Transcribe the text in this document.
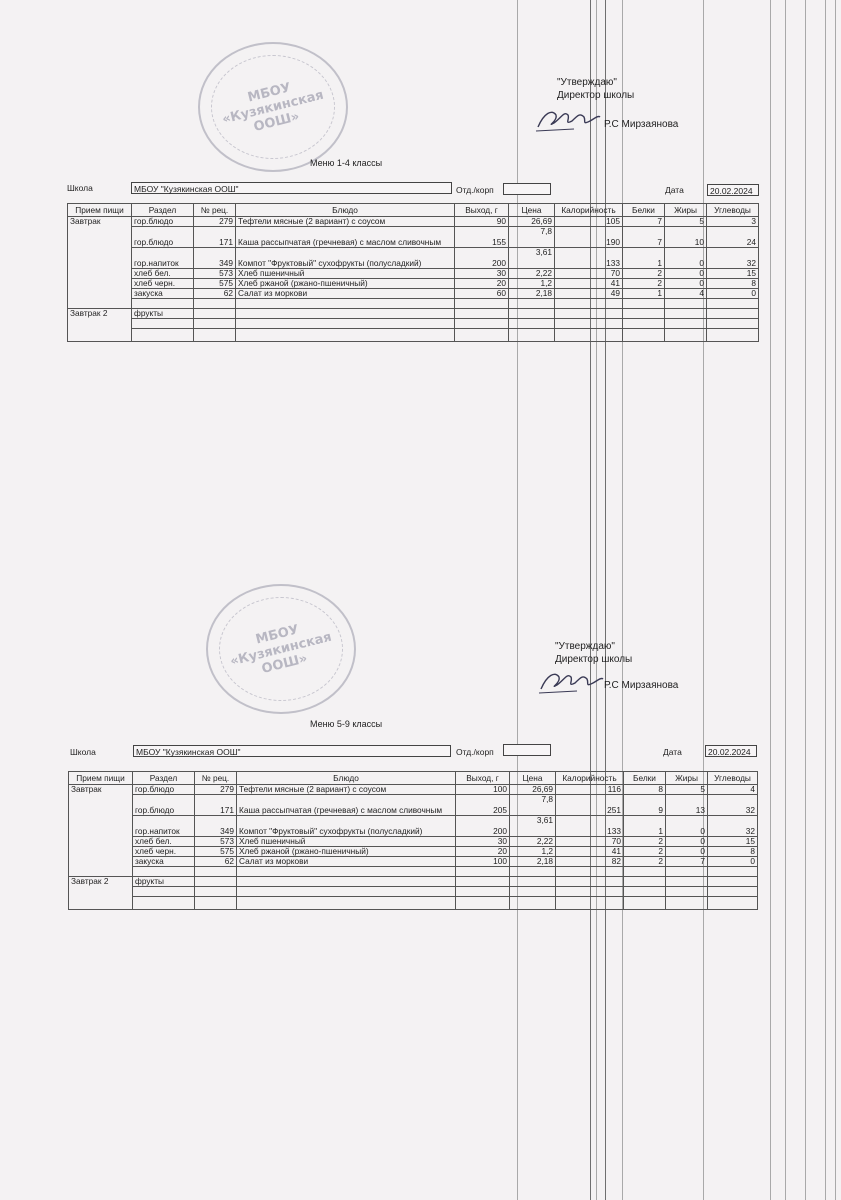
МБОУ
«Кузякинская
ООШ»
"Утверждаю"
Директор школы
Р.С Мирзаянова
Меню 1-4 классы
Школа	МБОУ "Кузякинская ООШ"	Отд./корп	Дата	20.02.2024
Прием пищи	Раздел	№ рец.	Блюдо	Выход, г	Цена	Калорийность	Белки	Жиры	Углеводы
Завтрак	гор.блюдо	279	Тефтели мясные (2 вариант) с соусом	90	26,69	105	7	5	3
	гор.блюдо	171	Каша рассыпчатая (гречневая) с маслом сливочным	155	7,8	190	7	10	24
	гор.напиток	349	Компот "Фруктовый" сухофрукты (полусладкий)	200	3,61	133	1	0	32
	хлеб бел.	573	Хлеб пшеничный	30	2,22	70	2	0	15
	хлеб черн.	575	Хлеб ржаной (ржано-пшеничный)	20	1,2	41	2	0	8
	закуска	62	Салат из моркови	60	2,18	49	1	4	0

Завтрак 2	фрукты								

МБОУ
«Кузякинская
ООШ»
"Утверждаю"
Директор школы
Р.С Мирзаянова
Меню 5-9 классы
Школа	МБОУ "Кузякинская ООШ"	Отд./корп	Дата	20.02.2024
Прием пищи	Раздел	№ рец.	Блюдо	Выход, г	Цена	Калорийность	Белки	Жиры	Углеводы
Завтрак	гор.блюдо	279	Тефтели мясные (2 вариант) с соусом	100	26,69	116	8	5	4
	гор.блюдо	171	Каша рассыпчатая (гречневая) с маслом сливочным	205	7,8	251	9	13	32
	гор.напиток	349	Компот "Фруктовый" сухофрукты (полусладкий)	200	3,61	133	1	0	32
	хлеб бел.	573	Хлеб пшеничный	30	2,22	70	2	0	15
	хлеб черн.	575	Хлеб ржаной (ржано-пшеничный)	20	1,2	41	2	0	8
	закуска	62	Салат из моркови	100	2,18	82	2	7	0

Завтрак 2	фрукты								
